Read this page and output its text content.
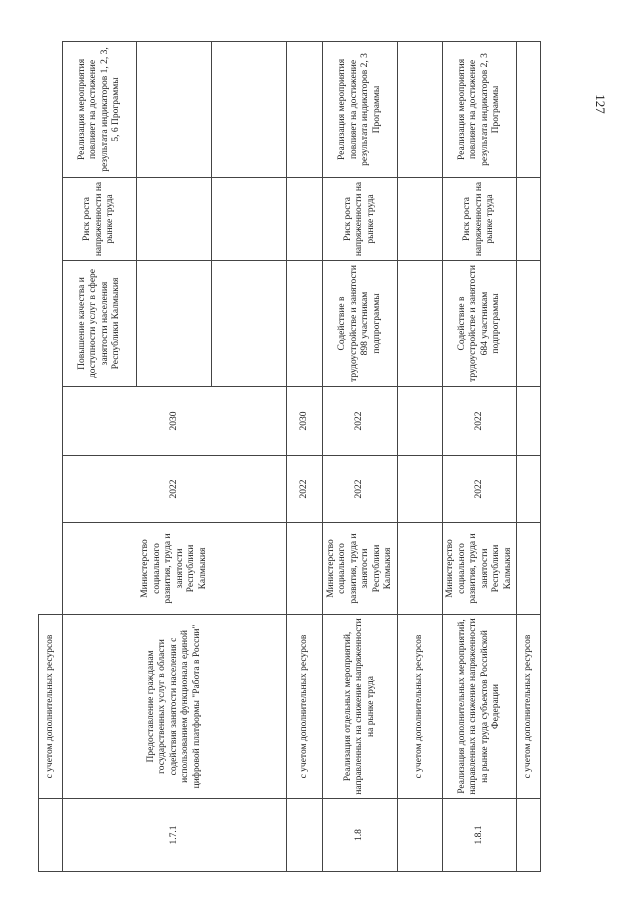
127
	с учетом дополнительных ресурсов						
1.7.1	Предоставление гражданам государственных услуг в области содействия занятости населения с использованием функционала единой цифровой платформы "Работа в России"	Министерство социального развития, труда и занятости Республики Калмыкия	2022	2030	Повышение качества и доступности услуг в сфере занятости населения Республики Калмыкия	Риск роста напряженности на рынке труда	Реализация мероприятия повлияет на достижение результата индикаторов 1, 2, 3, 5, 6 Программы

	с учетом дополнительных ресурсов		2022	2030			
1.8	Реализация отдельных мероприятий, направленных на снижение напряженности на рынке труда	Министерство социального развития, труда и занятости Республики Калмыкия	2022	2022	Содействие в трудоустройстве и занятости 898 участникам подпрограммы	Риск роста напряженности на рынке труда	Реализация мероприятия повлияет на достижение результата индикаторов 2, 3 Программы
	с учетом дополнительных ресурсов						
1.8.1	Реализация дополнительных мероприятий, направленных на снижение напряженности на рынке труда субъектов Российской Федерации	Министерство социального развития, труда и занятости Республики Калмыкия	2022	2022	Содействие в трудоустройстве и занятости 684 участникам подпрограммы	Риск роста напряженности на рынке труда	Реализация мероприятия повлияет на достижение результата индикаторов 2, 3 Программы
	с учетом дополнительных ресурсов						
